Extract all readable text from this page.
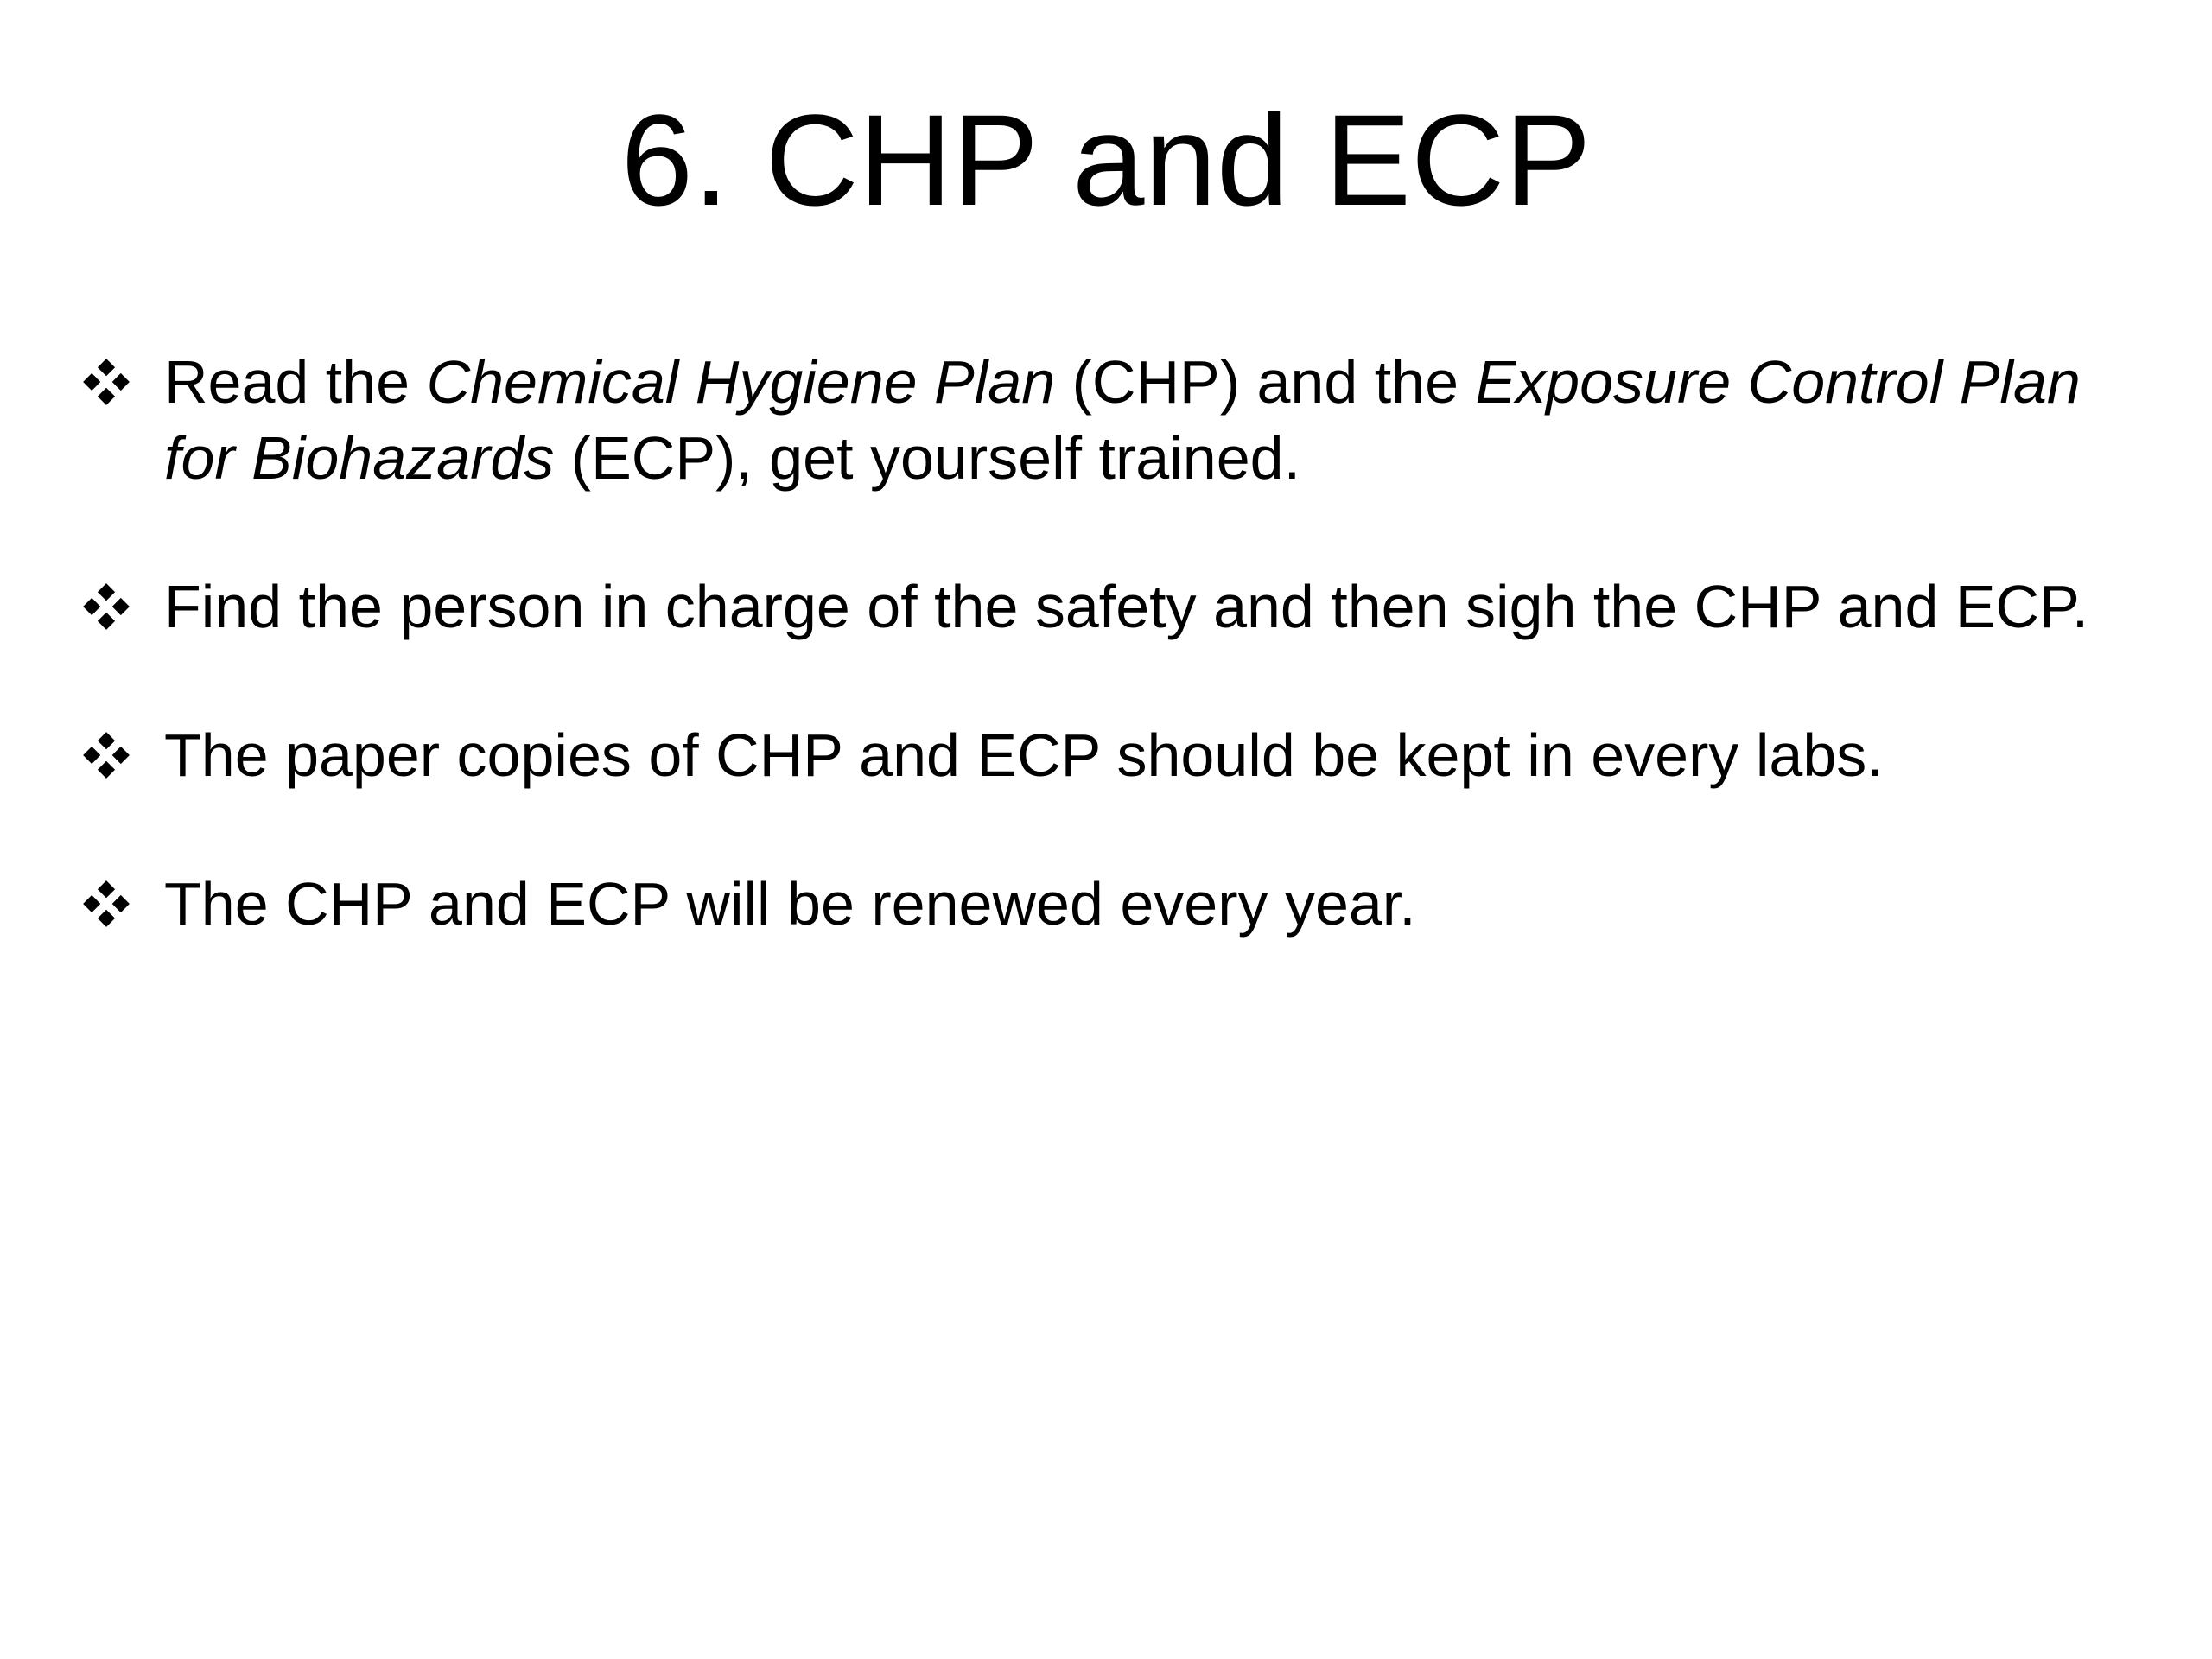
6. CHP and ECP
Read the Chemical Hygiene Plan (CHP) and the Exposure Control Plan for Biohazards (ECP), get yourself trained.
Find the person in charge of the safety and then sigh the CHP and ECP.
The paper copies of CHP and ECP should be kept in every labs.
The CHP and ECP will be renewed every year.
